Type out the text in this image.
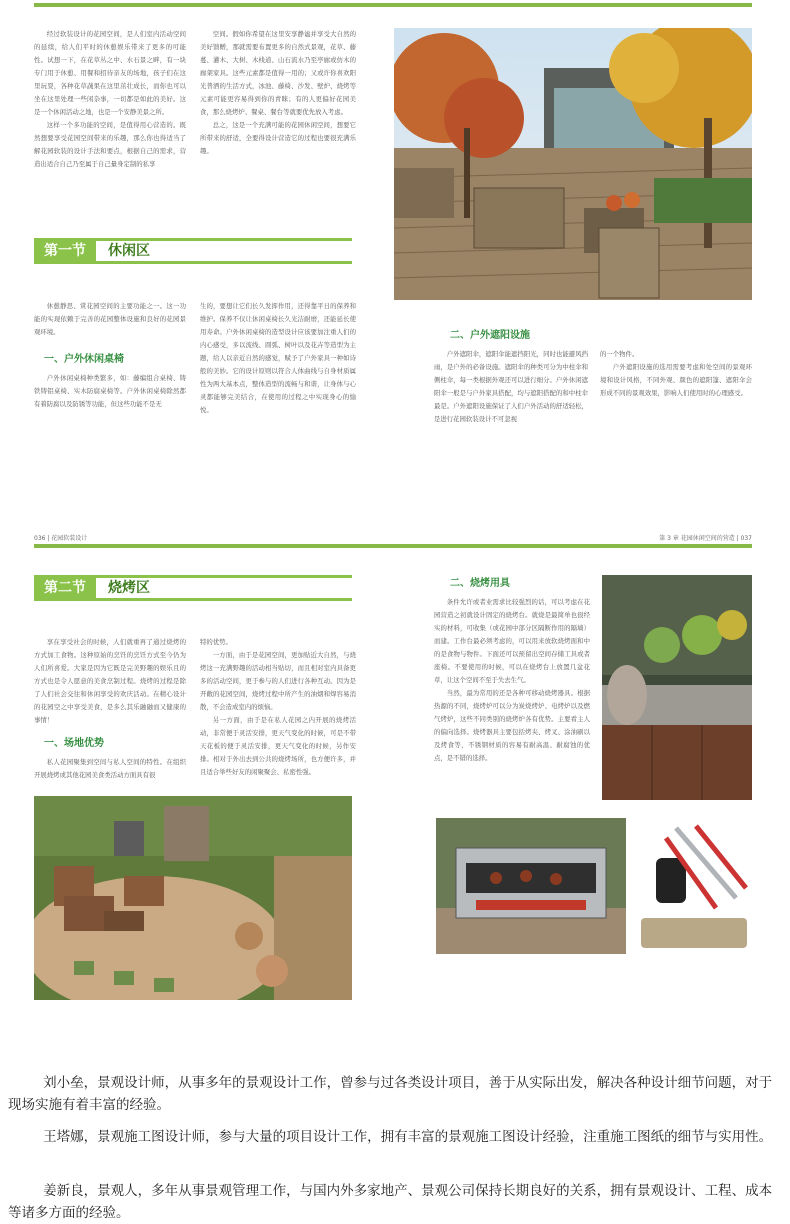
经过软装设计的花园空间，是人们室内活动空间的延续，给人们平时的休憩娱乐带来了更多的可能性。试想一下，在花草丛之中、水石景之畔，有一块专门用于休憩、用餐和招待亲友的场地，孩子们在这里玩耍，各种花草蔬果在这里茁壮成长，而你也可以坐在这里处理一些闲杂事，一切都是如此的美好。这是一个休闲活动之地，也是一个安静美景之所。

这样一个多功能的空间，是值得用心营造的。既然想要享受花园空间带来的乐趣，那么你也得适当了解花园软装的设计手法和要点，根据自己的需求，营造出适合自己乃至属于自己量身定制的私享

空间。假如你希望在这里安享静谧并享受大自然的美好馈赠，那就需要布置更多的自然式景观，花草、藤蔓、灌木、大树、木栈道、山石流水乃至亭廊或仿木的廊架家具。这些元素都是值得一用的；又或许你喜欢阳光普洒的生活方式，冰池、藤椅、沙发、壁炉、烧烤等元素可能更容易得到你的青睐；有的人更偏好花园美食，那么烧烤炉、餐桌、餐台等就要优先放入考虑。

总之，这是一个充满可能的花园休闲空间，想要它所带来的舒适，全要得设计营造它的过程也要很充满乐趣。

第一节	休闲区

休憩静思、赏花园空间的主要功能之一。这一功能的实现依赖于完善的花园整体设施和良好的花园景观环境。

一、户外休闲桌椅

户外休闲桌椅种类繁多，如：藤编组合桌椅、铸铁铸铝桌椅、实木防腐桌椅等。户外休闲桌椅除然都有着防腐以及防锈等功能，但这些功能不是无

生的，要想让它们长久发挥作用，还得靠平日的保养和维护。保养不仅让休闲桌椅长久光洁耐磨，还能延长使用寿命。户外休闲桌椅的造型设计应该要加注重人们的内心感受，多以流线、圆弧、树叶以及花卉等造型为主题，给人以亲近自然的感觉，赋予了户外家具一种如诗般的美妙。它的设计原则以符合人体曲线与自身材质属性为两大基本点，整体造型的流畅与和谐，让身体与心灵都能够完美结合，在使用的过程之中实现身心的愉悦。

二、户外遮阳设施

户外遮阳伞，遮阳伞能遮挡阳光，同时也能避风挡雨，是户外的必备设施。遮阳伞的种类可分为中柱伞和侧柱伞，每一类根据外观还可以进行细分。户外休闲遮阳伞一般是与户外家具搭配，均与遮阳搭配的和中柱伞最是。户外遮阳设施保证了人们户外活动的舒适轻松，是进行花园软装设计不可忽视

的一个物件。

户外遮阳设施的选用需要考虑和处空间的景观环境和设计风格，不同外观、颜色的遮阳篷、遮阳伞会形成不同的景观效果，影响人们使用时的心理感受。

036 | 花园软装设计	第 3 章 花园休闲空间的营造 | 037
第二节	烧烤区

享在享受社会的时候，人们就重再了通过烧烤的方式加工食物。这种原始的烹饪的烹饪方式至今仍为人们所喜爱。大家是因为它既是完美野趣的娱乐且的方式也是令人愿意的美食烹制过程。烧烤的过程是除了人们社会交往和休闲享受的欢庆活动。在精心设计的花园空之中享受美食，是多么其乐融融而又健康的事情！

一、场地优势

私人花园聚集到空间与私人空间的特性。在组织开展烧烤或其他花园美食类活动方面具有很

特的优势。

一方面，由于是花园空间，更加贴近大自然，与烧烤这一充满野趣的活动相当贴切，而且相对室内具备更多的活动空间，更于参与的人们进行各种互动。因为是开敞的花园空间，烧烤过程中所产生的油烟和焊容易消散，不会造成室内的烦恼。

另一方面，由于是在私人花园之内开展的烧烤活动，非常便于灵活安排，更天气变化的时候，可是不带天花板的便于灵活安排，更天气变化的时候，另作安排。相对于外出去到公共的烧烤场所，也方便许多，并且适合举些好友的闲聚聚会、私密性强。

二、烧烤用具

条件允许或者业需求比较强烈的话，可以考虑在花园营造之初就设计固定的烧烤台。就烧是最简单也很经实的材料，可收集（或花园中部分区隔断作用的隔墙）而建。工作台最必须考虑的，可以用来放软烧烤面和中的是食物与物件。下面还可以预留出空间存储工具或者座椅。不要使用的时候，可以在烧烤台上放置几盆花草，让这个空间不至于失去生气。

当然，最为常用的还是各种可移动烧烤器具。根据热源的不同，烧烤炉可以分为炭烧烤炉、电烤炉以及燃气烤炉，这些不同类别的烧烤炉各有优势。主要看主人的偏向选择。烧烤器具主要包括烤夹、烤叉、涂油刷以及烤食等，不锈钢材质的容易有耐高温、耐腐蚀的优点，是不错的选择。

刘小垒，景观设计师，从事多年的景观设计工作，曾参与过各类设计项目，善于从实际出发，解决各种设计细节问题，对于现场实施有着丰富的经验。

王塔娜，景观施工图设计师，参与大量的项目设计工作，拥有丰富的景观施工图设计经验，注重施工图纸的细节与实用性。

姜新良，景观人，多年从事景观管理工作，与国内外多家地产、景观公司保持长期良好的关系，拥有景观设计、工程、成本等诸多方面的经验。
